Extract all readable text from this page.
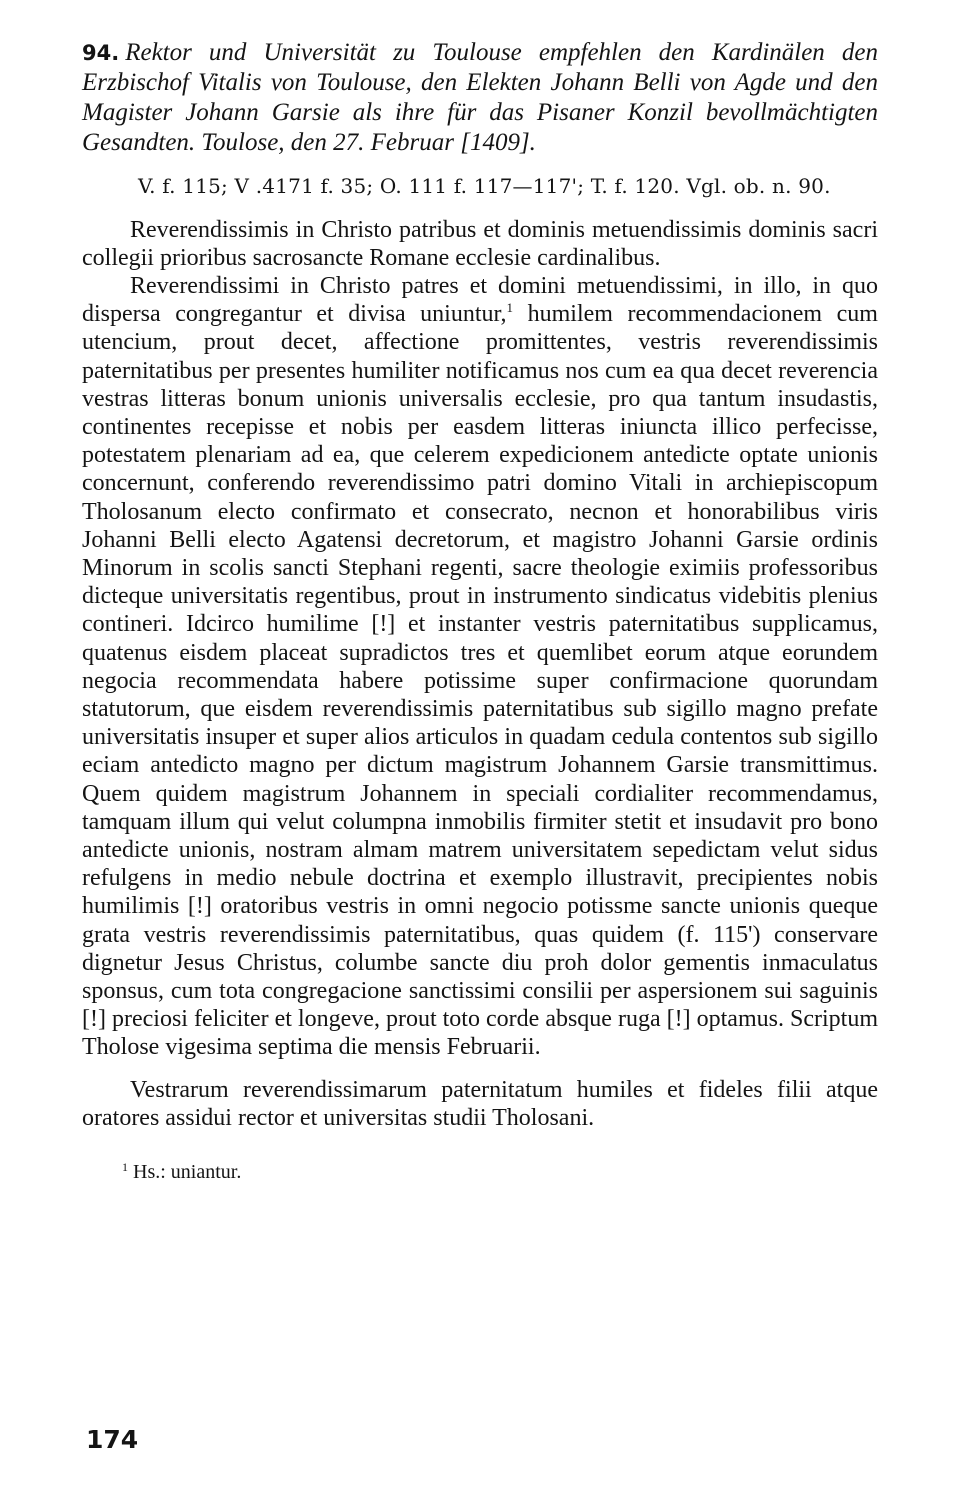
94. Rektor und Universität zu Toulouse empfehlen den Kardinälen den Erzbischof Vitalis von Toulouse, den Elekten Johann Belli von Agde und den Magister Johann Garsie als ihre für das Pisaner Konzil bevollmächtigten Gesandten. Toulose, den 27. Februar [1409].

V. f. 115; V .4171 f. 35; O. 111 f. 117—117'; T. f. 120. Vgl. ob. n. 90.

Reverendissimis in Christo patribus et dominis metuendissimis dominis sacri collegii prioribus sacrosancte Romane ecclesie cardinalibus.

Reverendissimi in Christo patres et domini metuendissimi, in illo, in quo dispersa congregantur et divisa uniuntur,$^1$ humilem recommendacionem cum utencium, prout decet, affectione promittentes, vestris reverendissimis paternitatibus per presentes humiliter notificamus nos cum ea qua decet reverencia vestras litteras bonum unionis universalis ecclesie, pro qua tantum insudastis, continentes recepisse et nobis per easdem litteras iniuncta illico perfecisse, potestatem plenariam ad ea, que celerem expedicionem antedicte optate unionis concernunt, conferendo reverendissimo patri domino Vitali in archiepiscopum Tholosanum electo confirmato et consecrato, necnon et honorabilibus viris Johanni Belli electo Agatensi decretorum, et magistro Johanni Garsie ordinis Minorum in scolis sancti Stephani regenti, sacre theologie eximiis professoribus dicteque universitatis regentibus, prout in instrumento sindicatus videbitis plenius contineri. Idcirco humilime [!] et instanter vestris paternitatibus supplicamus, quatenus eisdem placeat supradictos tres et quemlibet eorum atque eorundem negocia recommendata habere potissime super confirmacione quorundam statutorum, que eisdem reverendissimis paternitatibus sub sigillo magno prefate universitatis insuper et super alios articulos in quadam cedula contentos sub sigillo eciam antedicto magno per dictum magistrum Johannem Garsie transmittimus. Quem quidem magistrum Johannem in speciali cordialiter recommendamus, tamquam illum qui velut columpna inmobilis firmiter stetit et insudavit pro bono antedicte unionis, nostram almam matrem universitatem sepedictam velut sidus refulgens in medio nebule doctrina et exemplo illustravit, precipientes nobis humilimis [!] oratoribus vestris in omni negocio potissme sancte unionis queque grata vestris reverendissimis paternitatibus, quas quidem (f. 115') conservare dignetur Jesus Christus, columbe sancte diu proh dolor gementis inmaculatus sponsus, cum tota congregacione sanctissimi consilii per aspersionem sui saguinis [!] preciosi feliciter et longeve, prout toto corde absque ruga [!] optamus. Scriptum Tholose vigesima septima die mensis Februarii.

Vestrarum reverendissimarum paternitatum humiles et fideles filii atque oratores assidui rector et universitas studii Tholosani.

$^1$ Hs.: uniantur.
174
